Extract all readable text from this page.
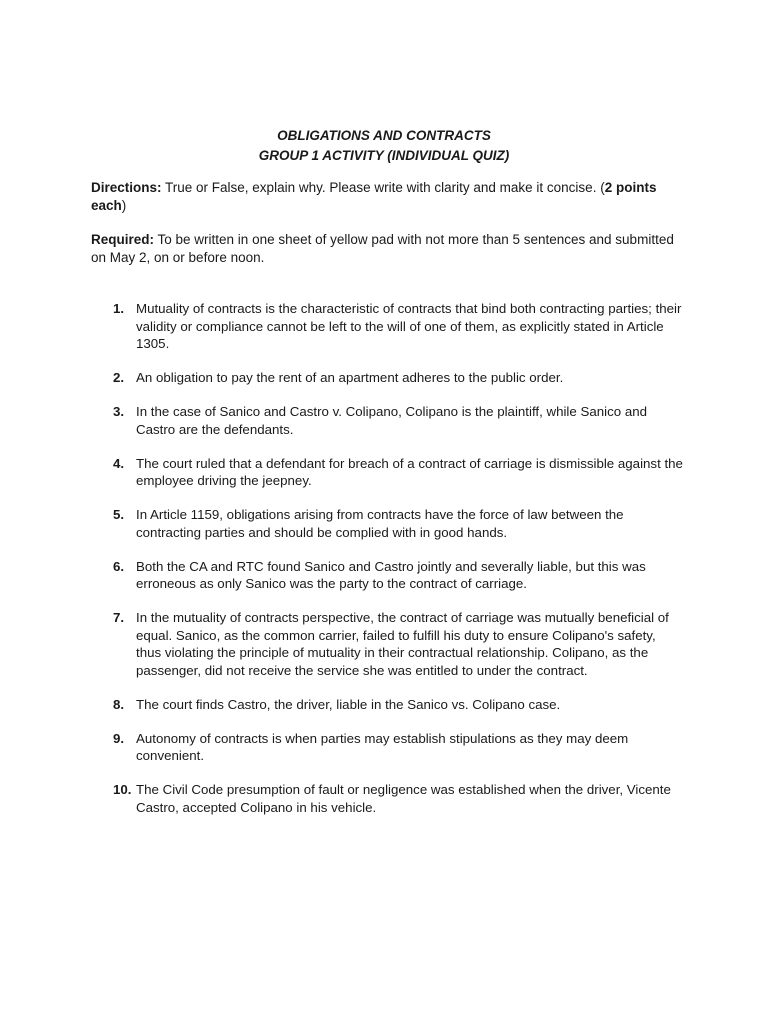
OBLIGATIONS AND CONTRACTS
GROUP 1 ACTIVITY (INDIVIDUAL QUIZ)
Directions: True or False, explain why. Please write with clarity and make it concise. (2 points each)
Required: To be written in one sheet of yellow pad with not more than 5 sentences and submitted on May 2, on or before noon.
1. Mutuality of contracts is the characteristic of contracts that bind both contracting parties; their validity or compliance cannot be left to the will of one of them, as explicitly stated in Article 1305.
2. An obligation to pay the rent of an apartment adheres to the public order.
3. In the case of Sanico and Castro v. Colipano, Colipano is the plaintiff, while Sanico and Castro are the defendants.
4. The court ruled that a defendant for breach of a contract of carriage is dismissible against the employee driving the jeepney.
5. In Article 1159, obligations arising from contracts have the force of law between the contracting parties and should be complied with in good hands.
6. Both the CA and RTC found Sanico and Castro jointly and severally liable, but this was erroneous as only Sanico was the party to the contract of carriage.
7. In the mutuality of contracts perspective, the contract of carriage was mutually beneficial of equal. Sanico, as the common carrier, failed to fulfill his duty to ensure Colipano's safety, thus violating the principle of mutuality in their contractual relationship. Colipano, as the passenger, did not receive the service she was entitled to under the contract.
8. The court finds Castro, the driver, liable in the Sanico vs. Colipano case.
9. Autonomy of contracts is when parties may establish stipulations as they may deem convenient.
10. The Civil Code presumption of fault or negligence was established when the driver, Vicente Castro, accepted Colipano in his vehicle.
